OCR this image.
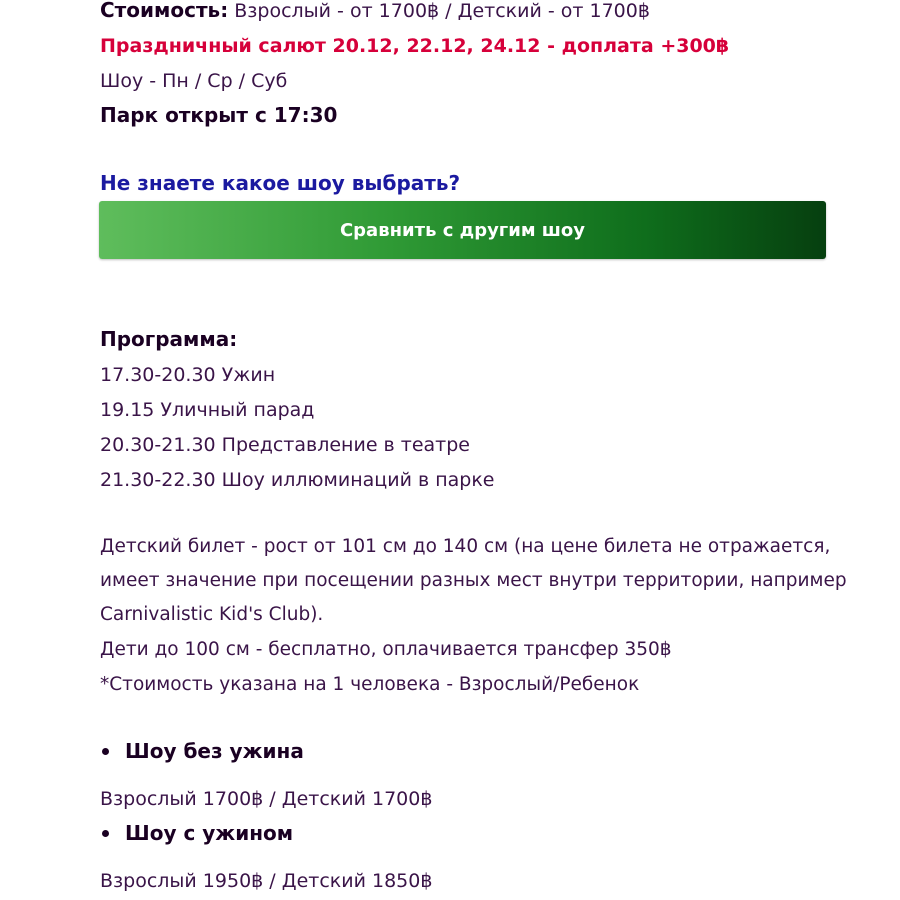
Стоимость: Взрослый - от 1700฿ / Детский - от 1700฿
Праздничный салют 20.12, 22.12, 24.12 - доплата +300฿
Шоу - Пн / Ср / Суб
Парк открыт с 17:30
Не знаете какое шоу выбрать?
Сравнить с другим шоу
Программа:
17.30-20.30 Ужин
19.15 Уличный парад
20.30-21.30 Представление в театре
21.30-22.30 Шоу иллюминаций в парке
Детский билет - рост от 101 см до 140 см (на цене билета не отражается,
имеет значение при посещении разных мест внутри территории, например
Carnivalistic Kid's Club).
Дети до 100 см - бесплатно, оплачивается трансфер 350฿
*Стоимость указана на 1 человека - Взрослый/Ребенок
Шоу без ужина
Взрослый 1700฿ / Детский 1700฿
Шоу с ужином
Взрослый 1950฿ / Детский 1850฿
